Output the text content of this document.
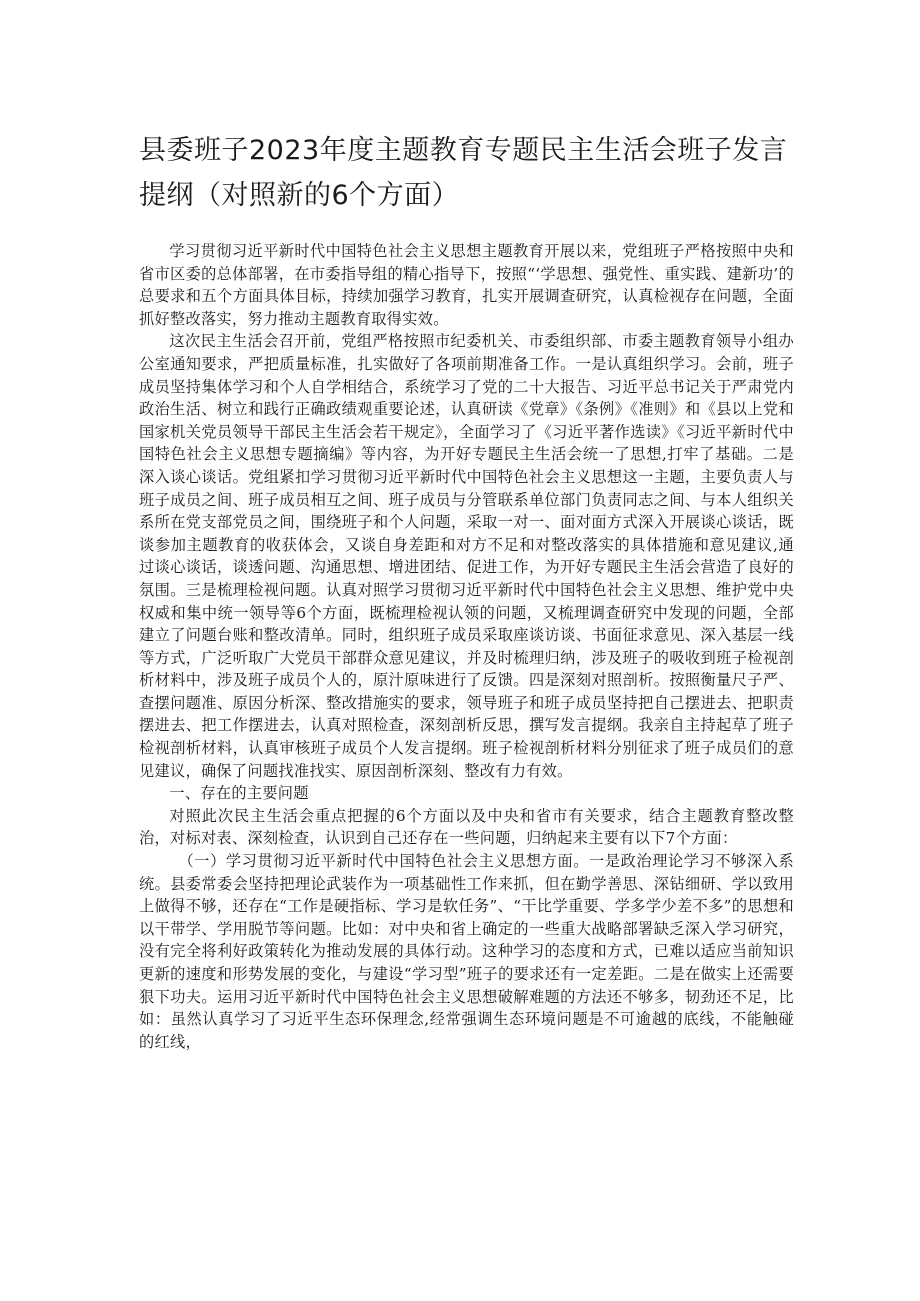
县委班子2023年度主题教育专题民主生活会班子发言提纲（对照新的6个方面）

学习贯彻习近平新时代中国特色社会主义思想主题教育开展以来，党组班子严格按照中央和省市区委的总体部署，在市委指导组的精心指导下，按照“‘学思想、强党性、重实践、建新功’的总要求和五个方面具体目标，持续加强学习教育，扎实开展调查研究，认真检视存在问题，全面抓好整改落实，努力推动主题教育取得实效。

这次民主生活会召开前，党组严格按照市纪委机关、市委组织部、市委主题教育领导小组办公室通知要求，严把质量标准，扎实做好了各项前期准备工作。一是认真组织学习。会前，班子成员坚持集体学习和个人自学相结合，系统学习了党的二十大报告、习近平总书记关于严肃党内政治生活、树立和践行正确政绩观重要论述，认真研读《党章》《条例》《准则》和《县以上党和国家机关党员领导干部民主生活会若干规定》，全面学习了《习近平著作选读》《习近平新时代中国特色社会主义思想专题摘编》等内容，为开好专题民主生活会统一了思想,打牢了基础。二是深入谈心谈话。党组紧扣学习贯彻习近平新时代中国特色社会主义思想这一主题，主要负责人与班子成员之间、班子成员相互之间、班子成员与分管联系单位部门负责同志之间、与本人组织关系所在党支部党员之间，围绕班子和个人问题，采取一对一、面对面方式深入开展谈心谈话，既谈参加主题教育的收获体会，又谈自身差距和对方不足和对整改落实的具体措施和意见建议,通过谈心谈话，谈透问题、沟通思想、增进团结、促进工作，为开好专题民主生活会营造了良好的氛围。三是梳理检视问题。认真对照学习贯彻习近平新时代中国特色社会主义思想、维护党中央权威和集中统一领导等6个方面，既梳理检视认领的问题，又梳理调查研究中发现的问题，全部建立了问题台账和整改清单。同时，组织班子成员采取座谈访谈、书面征求意见、深入基层一线等方式，广泛听取广大党员干部群众意见建议，并及时梳理归纳，涉及班子的吸收到班子检视剖析材料中，涉及班子成员个人的，原汁原味进行了反馈。四是深刻对照剖析。按照衡量尺子严、查摆问题准、原因分析深、整改措施实的要求，领导班子和班子成员坚持把自己摆进去、把职责摆进去、把工作摆进去，认真对照检查，深刻剖析反思，撰写发言提纲。我亲自主持起草了班子检视剖析材料，认真审核班子成员个人发言提纲。班子检视剖析材料分别征求了班子成员们的意见建议，确保了问题找准找实、原因剖析深刻、整改有力有效。

一、存在的主要问题

对照此次民主生活会重点把握的6个方面以及中央和省市有关要求，结合主题教育整改整治，对标对表、深刻检查，认识到自己还存在一些问题，归纳起来主要有以下7个方面：

（一）学习贯彻习近平新时代中国特色社会主义思想方面。一是政治理论学习不够深入系统。县委常委会坚持把理论武装作为一项基础性工作来抓，但在勤学善思、深钻细研、学以致用上做得不够，还存在“工作是硬指标、学习是软任务”、“干比学重要、学多学少差不多”的思想和以干带学、学用脱节等问题。比如：对中央和省上确定的一些重大战略部署缺乏深入学习研究，没有完全将利好政策转化为推动发展的具体行动。这种学习的态度和方式，已难以适应当前知识更新的速度和形势发展的变化，与建设“学习型”班子的要求还有一定差距。二是在做实上还需要狠下功夫。运用习近平新时代中国特色社会主义思想破解难题的方法还不够多，韧劲还不足，比如：虽然认真学习了习近平生态环保理念,经常强调生态环境问题是不可逾越的底线，不能触碰的红线，
